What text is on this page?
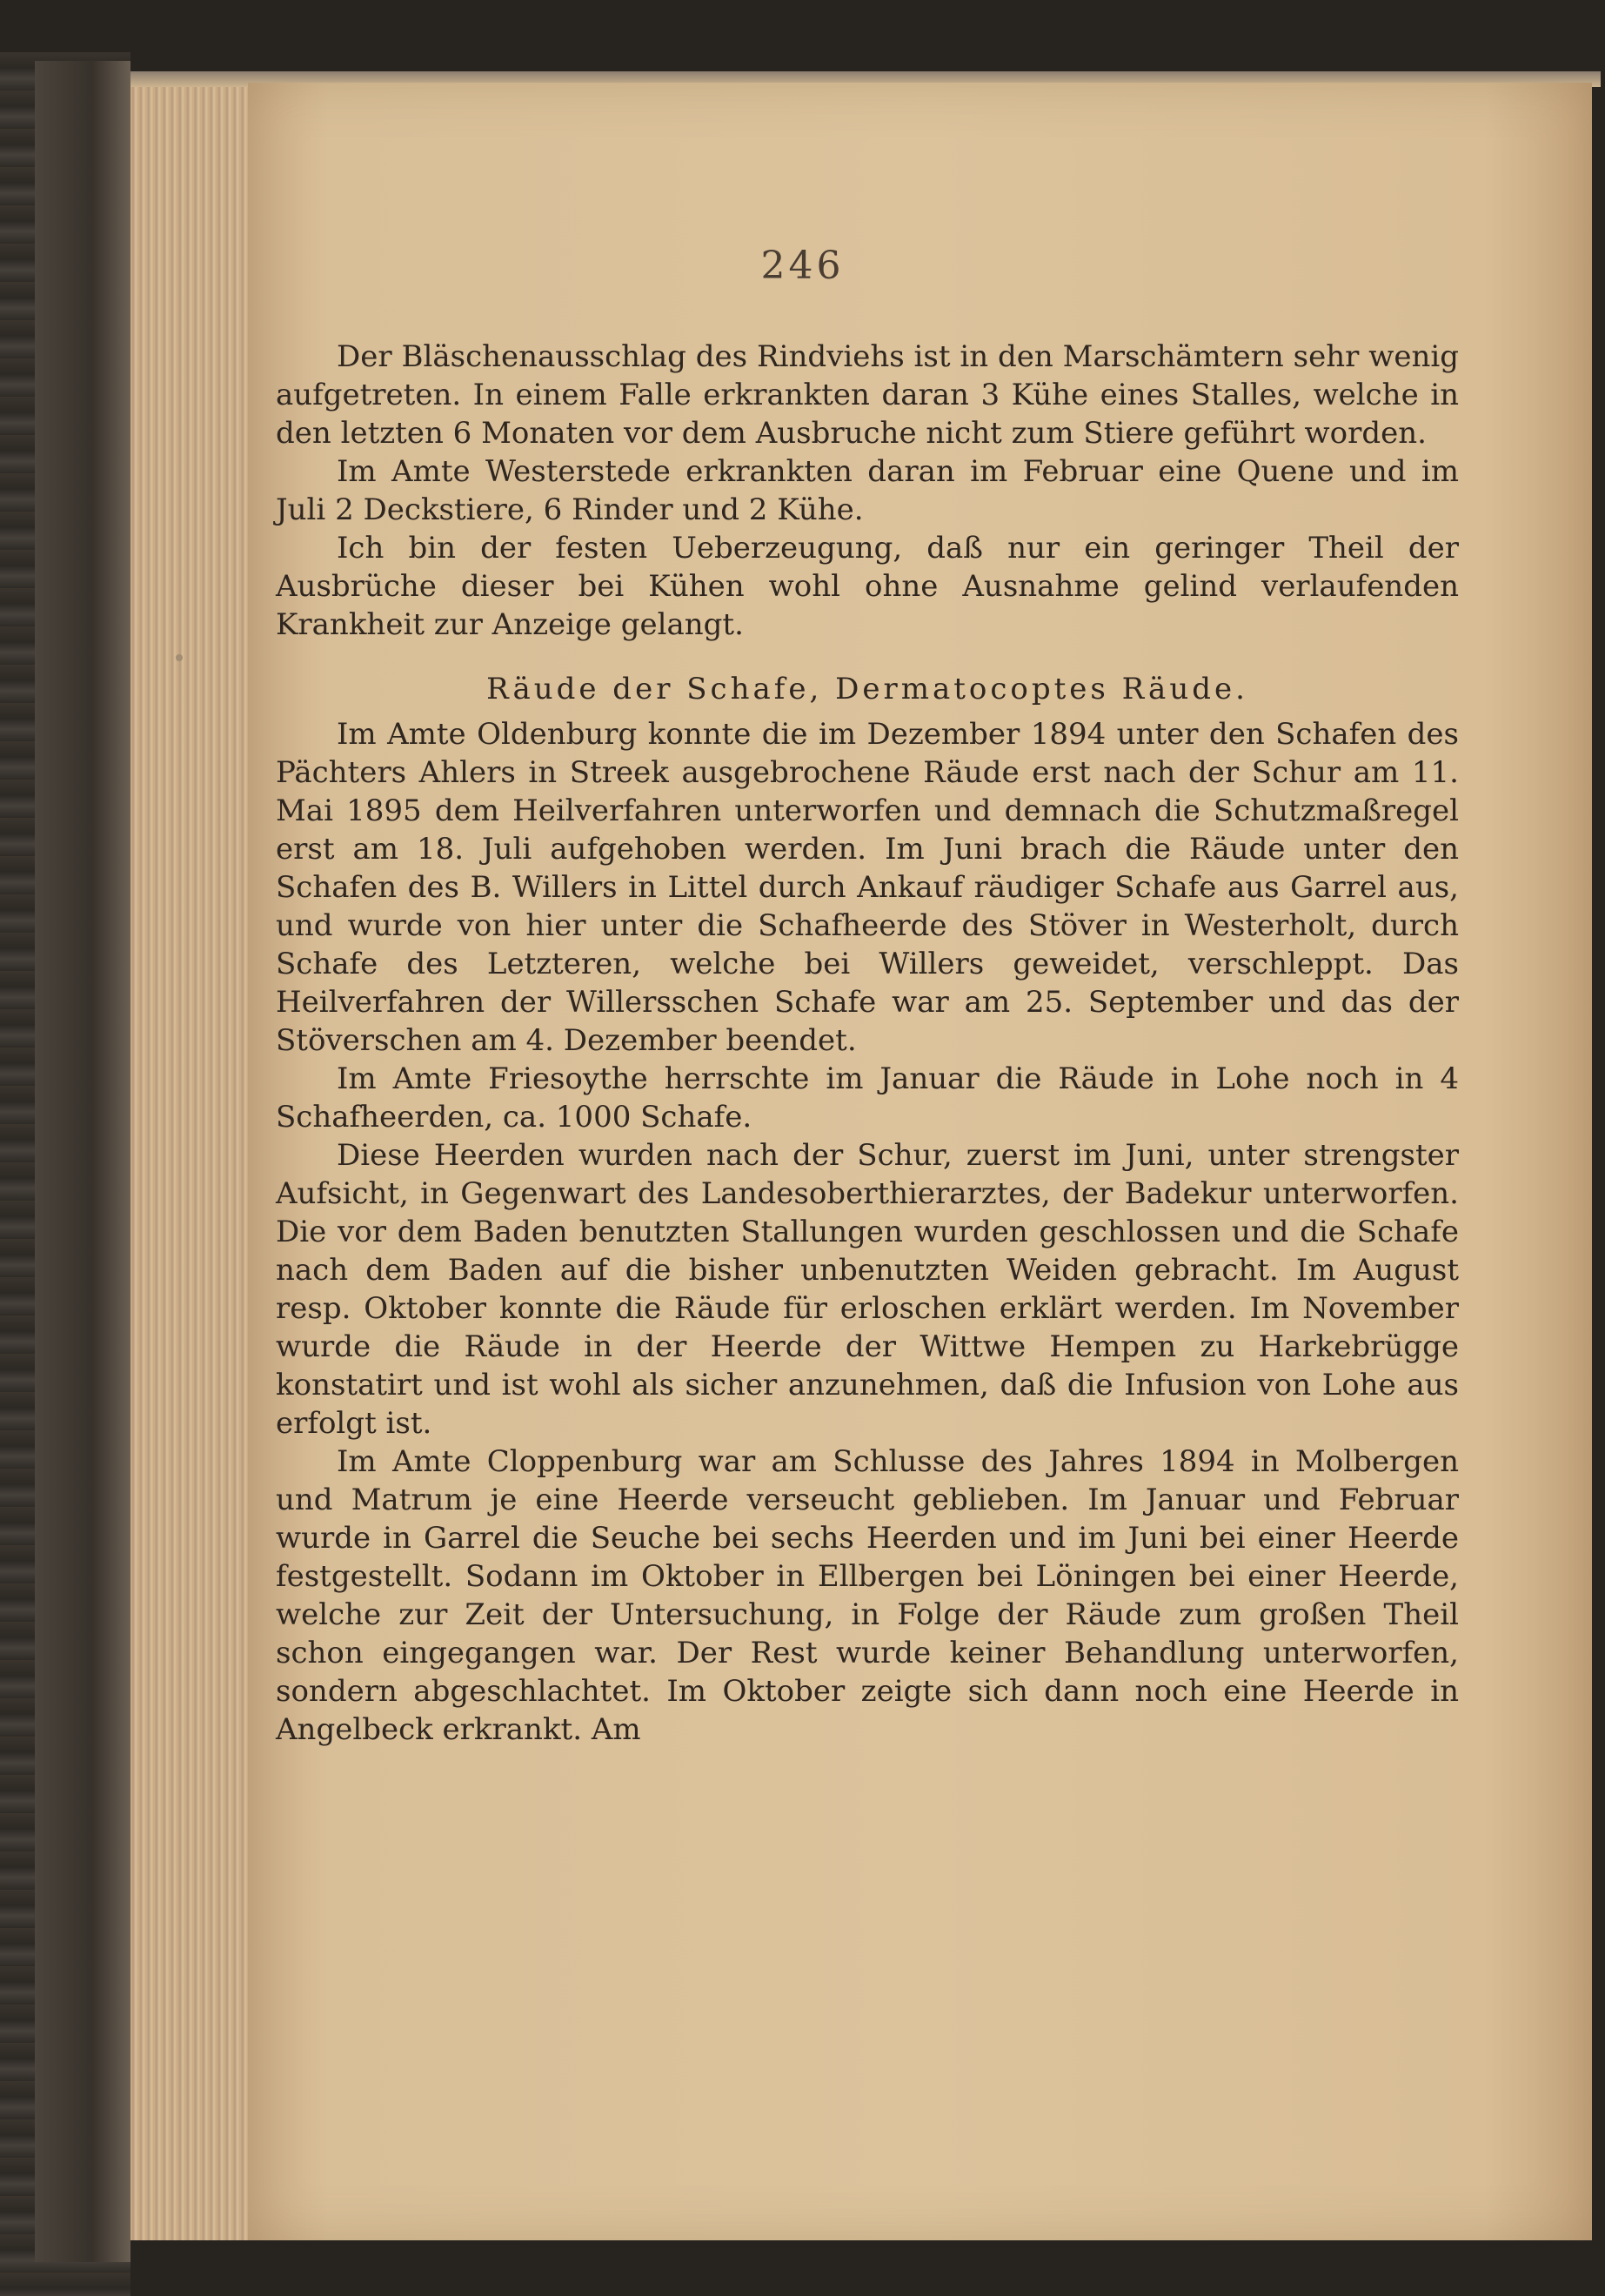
246

Der Bläschenausschlag des Rindviehs ist in den Marschämtern sehr wenig aufgetreten. In einem Falle erkrankten daran 3 Kühe eines Stalles, welche in den letzten 6 Monaten vor dem Ausbruche nicht zum Stiere geführt worden.

Im Amte Westerstede erkrankten daran im Februar eine Quene und im Juli 2 Deckstiere, 6 Rinder und 2 Kühe.

Ich bin der festen Ueberzeugung, daß nur ein geringer Theil der Ausbrüche dieser bei Kühen wohl ohne Ausnahme gelind verlaufenden Krankheit zur Anzeige gelangt.

Räude der Schafe, Dermatocoptes Räude.

Im Amte Oldenburg konnte die im Dezember 1894 unter den Schafen des Pächters Ahlers in Streek ausgebrochene Räude erst nach der Schur am 11. Mai 1895 dem Heilverfahren unterworfen und demnach die Schutzmaßregel erst am 18. Juli aufgehoben werden. Im Juni brach die Räude unter den Schafen des B. Willers in Littel durch Ankauf räudiger Schafe aus Garrel aus, und wurde von hier unter die Schafheerde des Stöver in Westerholt, durch Schafe des Letzteren, welche bei Willers geweidet, verschleppt. Das Heilverfahren der Willersschen Schafe war am 25. September und das der Stöverschen am 4. Dezember beendet.

Im Amte Friesoythe herrschte im Januar die Räude in Lohe noch in 4 Schafheerden, ca. 1000 Schafe.

Diese Heerden wurden nach der Schur, zuerst im Juni, unter strengster Aufsicht, in Gegenwart des Landesoberthierarztes, der Badekur unterworfen. Die vor dem Baden benutzten Stallungen wurden geschlossen und die Schafe nach dem Baden auf die bisher unbenutzten Weiden gebracht. Im August resp. Oktober konnte die Räude für erloschen erklärt werden. Im November wurde die Räude in der Heerde der Wittwe Hempen zu Harkebrügge konstatirt und ist wohl als sicher anzunehmen, daß die Infusion von Lohe aus erfolgt ist.

Im Amte Cloppenburg war am Schlusse des Jahres 1894 in Molbergen und Matrum je eine Heerde verseucht geblieben. Im Januar und Februar wurde in Garrel die Seuche bei sechs Heerden und im Juni bei einer Heerde festgestellt. Sodann im Oktober in Ellbergen bei Löningen bei einer Heerde, welche zur Zeit der Untersuchung, in Folge der Räude zum großen Theil schon eingegangen war. Der Rest wurde keiner Behandlung unterworfen, sondern abgeschlachtet. Im Oktober zeigte sich dann noch eine Heerde in Angelbeck erkrankt. Am
